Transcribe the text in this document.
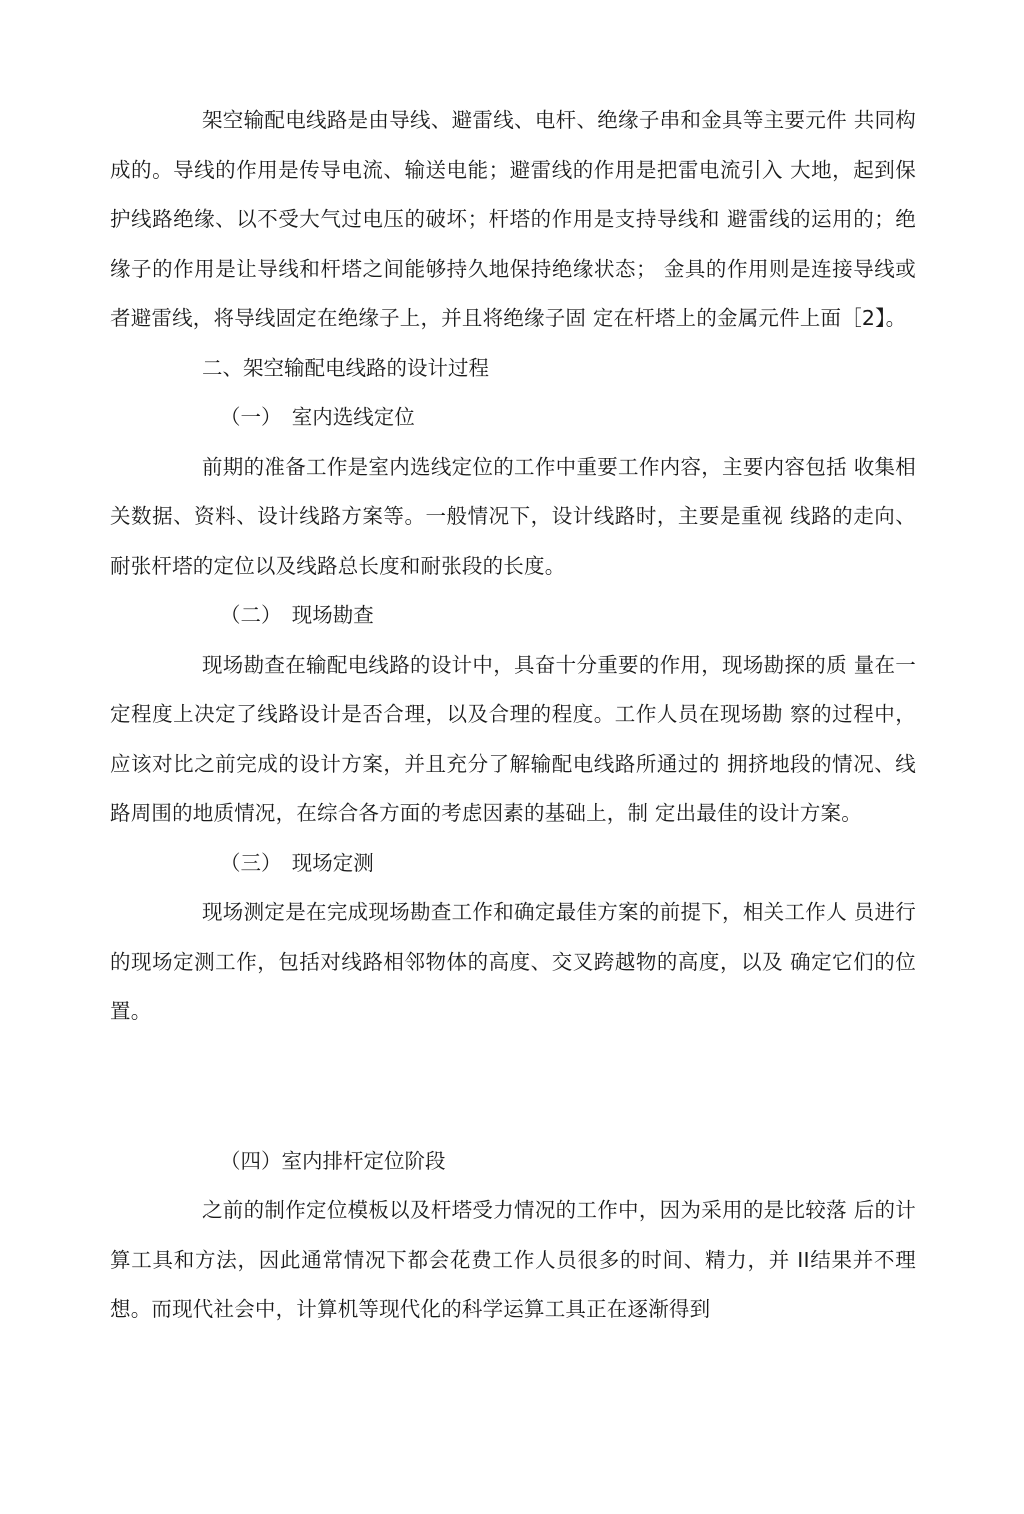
架空输配电线路是由导线、避雷线、电杆、绝缘子串和金具等主要元件 共同构成的。导线的作用是传导电流、输送电能；避雷线的作用是把雷电流引入 大地，起到保护线路绝缘、以不受大气过电压的破坏；杆塔的作用是支持导线和 避雷线的运用的；绝缘子的作用是让导线和杆塔之间能够持久地保持绝缘状态； 金具的作用则是连接导线或者避雷线，将导线固定在绝缘子上，并且将绝缘子固 定在杆塔上的金属元件上面［2】。

二、架空输配电线路的设计过程

（一）　室内选线定位

前期的准备工作是室内选线定位的工作中重要工作内容，主要内容包括 收集相关数据、资料、设计线路方案等。一般情况下，设计线路时，主要是重视 线路的走向、耐张杆塔的定位以及线路总长度和耐张段的长度。

（二）　现场勘查

现场勘查在输配电线路的设计中，具奋十分重要的作用，现场勘探的质 量在一定程度上决定了线路设计是否合理，以及合理的程度。工作人员在现场勘 察的过程中，应该对比之前完成的设计方案，并且充分了解输配电线路所通过的 拥挤地段的情况、线路周围的地质情况，在综合各方面的考虑因素的基础上，制 定出最佳的设计方案。

（三）　现场定测

现场测定是在完成现场勘查工作和确定最佳方案的前提下，相关工作人 员进行的现场定测工作，包括对线路相邻物体的高度、交叉跨越物的高度，以及 确定它们的位置。

（四）室内排杆定位阶段

之前的制作定位模板以及杆塔受力情况的工作中，因为采用的是比较落 后的计算工具和方法，因此通常情况下都会花费工作人员很多的时间、精力，并 II结果并不理想。而现代社会中，计算机等现代化的科学运算工具正在逐渐得到
